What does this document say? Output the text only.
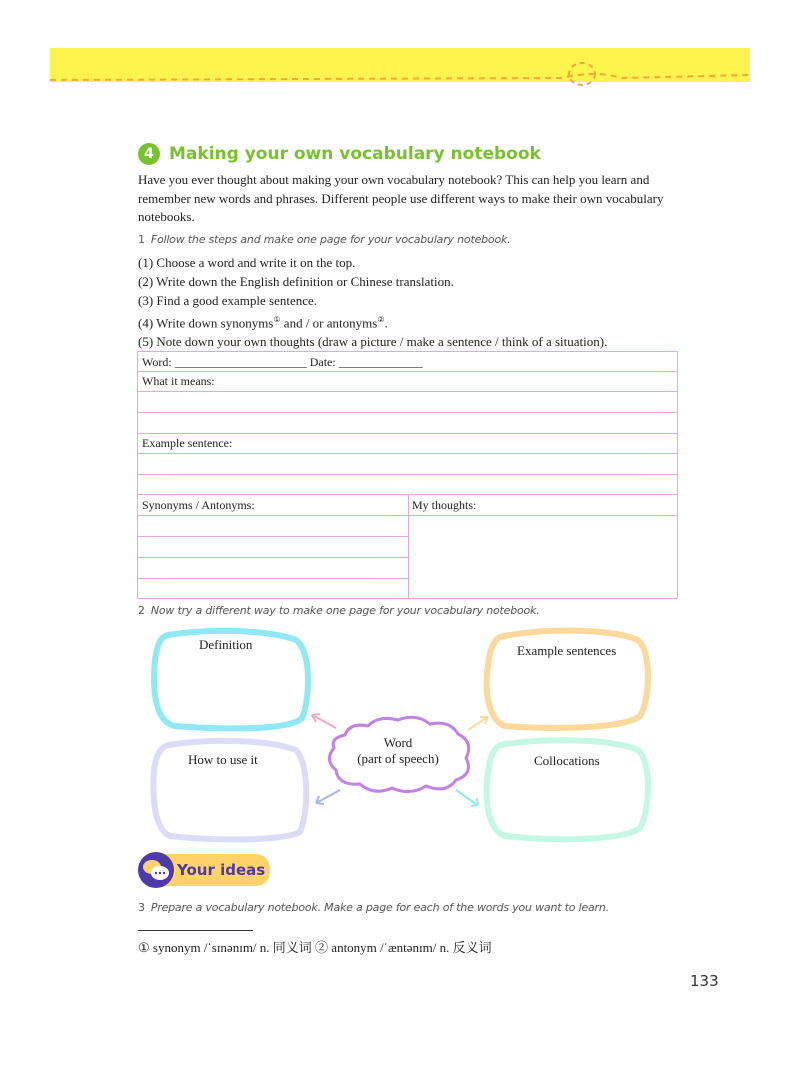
4 Making your own vocabulary notebook
Have you ever thought about making your own vocabulary notebook? This can help you learn and remember new words and phrases. Different people use different ways to make their own vocabulary notebooks.
1 Follow the steps and make one page for your vocabulary notebook.
(1) Choose a word and write it on the top.
(2) Write down the English definition or Chinese translation.
(3) Find a good example sentence.
(4) Write down synonyms① and / or antonyms②.
(5) Note down your own thoughts (draw a picture / make a sentence / think of a situation).
Word: ______________________ Date: ______________
What it means:
Example sentence:
Synonyms / Antonyms:	My thoughts:
2 Now try a different way to make one page for your vocabulary notebook.
Definition	Example sentences
How to use it	Collocations
Word
(part of speech)
Your ideas
3 Prepare a vocabulary notebook. Make a page for each of the words you want to learn.
① synonym /ˈsɪnənɪm/ n. 同义词 ② antonym /ˈæntənɪm/ n. 反义词
133
